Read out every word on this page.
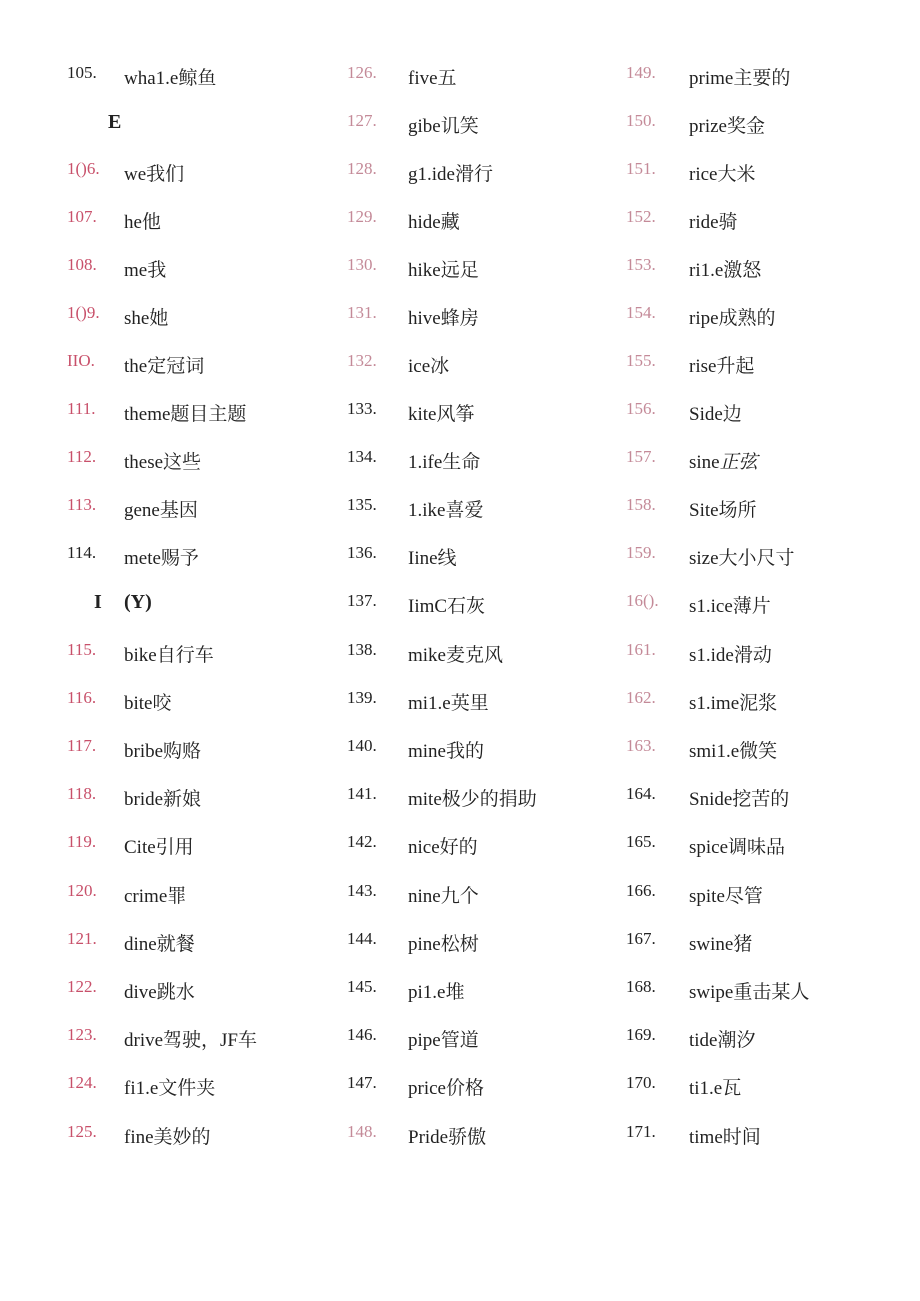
105. wha1.e鲸鱼
E
1()6. we我们
107. he他
108. me我
1()9. she她
IIO. the定冠词
111. theme题目主题
112. these这些
113. gene基因
114. mete赐予
I (Y)
115. bike自行车
116. bite咬
117. bribe购赂
118. bride新娘
119. Cite引用
120. crime罪
121. dine就餐
122. dive跳水
123. drive驾驶，JF车
124. fi1.e文件夹
125. fine美妙的
126. five五
127. gibe讥笑
128. g1.ide滑行
129. hide藏
130. hike远足
131. hive蜂房
132. ice冰
133. kite风筝
134. 1.ife生命
135. 1.ike喜爱
136. Iine线
137. IimC石灰
138. mike麦克风
139. mi1.e英里
140. mine我的
141. mite极少的捐助
142. nice好的
143. nine九个
144. pine松树
145. pi1.e堆
146. pipe管道
147. price价格
148. Pride骄傲
149. prime主要的
150. prize奖金
151. rice大米
152. ride骑
153. ri1.e激怒
154. ripe成熟的
155. rise升起
156. Side边
157. sine正弦
158. Site场所
159. size大小尺寸
16(). s1.ice薄片
161. s1.ide滑动
162. s1.ime泥浆
163. smi1.e微笑
164. Snide挖苦的
165. spice调味品
166. spite尽管
167. swine猪
168. swipe重击某人
169. tide潮汐
170. ti1.e瓦
171. time时间
